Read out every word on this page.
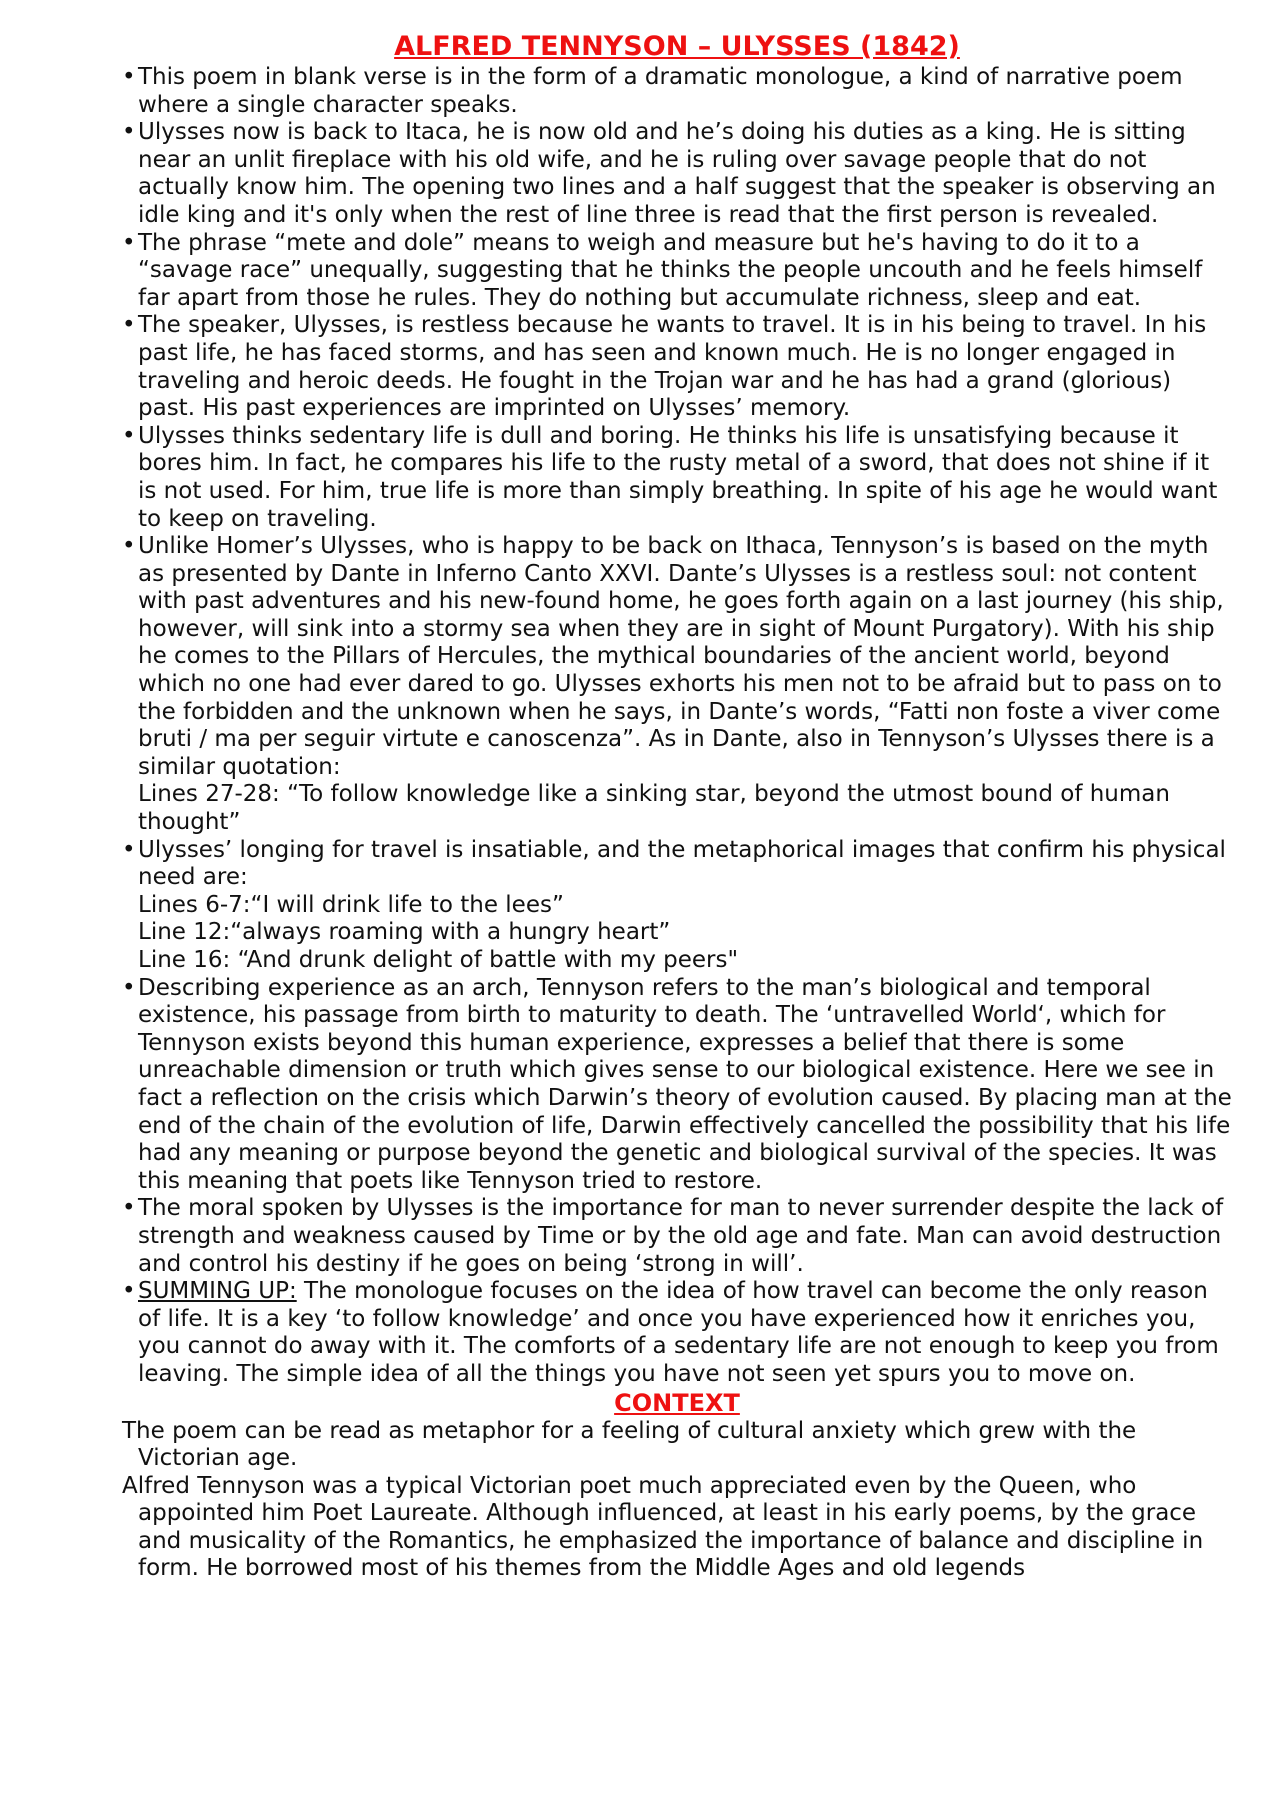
ALFRED TENNYSON – ULYSSES (1842)
• This poem in blank verse is in the form of a dramatic monologue, a kind of narrative poem where a single character speaks.

• Ulysses now is back to Itaca, he is now old and he’s doing his duties as a king. He is sitting near an unlit fireplace with his old wife, and he is ruling over savage people that do not actually know him. The opening two lines and a half suggest that the speaker is observing an idle king and it's only when the rest of line three is read that the first person is revealed.

• The phrase “mete and dole” means to weigh and measure but he's having to do it to a “savage race” unequally, suggesting that he thinks the people uncouth and he feels himself far apart from those he rules. They do nothing but accumulate richness, sleep and eat.

• The speaker, Ulysses, is restless because he wants to travel. It is in his being to travel. In his past life, he has faced storms, and has seen and known much. He is no longer engaged in traveling and heroic deeds. He fought in the Trojan war and he has had a grand (glorious) past. His past experiences are imprinted on Ulysses’ memory.

• Ulysses thinks sedentary life is dull and boring. He thinks his life is unsatisfying because it bores him. In fact, he compares his life to the rusty metal of a sword, that does not shine if it is not used. For him, true life is more than simply breathing. In spite of his age he would want to keep on traveling.

• Unlike Homer’s Ulysses, who is happy to be back on Ithaca, Tennyson’s is based on the myth as presented by Dante in Inferno Canto XXVI. Dante’s Ulysses is a restless soul: not content with past adventures and his new-found home, he goes forth again on a last journey (his ship, however, will sink into a stormy sea when they are in sight of Mount Purgatory). With his ship he comes to the Pillars of Hercules, the mythical boundaries of the ancient world, beyond which no one had ever dared to go. Ulysses exhorts his men not to be afraid but to pass on to the forbidden and the unknown when he says, in Dante’s words, “Fatti non foste a viver come bruti / ma per seguir virtute e canoscenza”. As in Dante, also in Tennyson’s Ulysses there is a similar quotation:

Lines 27-28: “To follow knowledge like a sinking star, beyond the utmost bound of human thought”

• Ulysses’ longing for travel is insatiable, and the metaphorical images that confirm his physical need are:

Lines 6-7:“I will drink life to the lees”

Line 12:“always roaming with a hungry heart”

Line 16: “And drunk delight of battle with my peers"

• Describing experience as an arch, Tennyson refers to the man’s biological and temporal existence, his passage from birth to maturity to death. The ‘untravelled World‘, which for Tennyson exists beyond this human experience, expresses a belief that there is some unreachable dimension or truth which gives sense to our biological existence. Here we see in fact a reflection on the crisis which Darwin’s theory of evolution caused. By placing man at the end of the chain of the evolution of life, Darwin effectively cancelled the possibility that his life had any meaning or purpose beyond the genetic and biological survival of the species. It was this meaning that poets like Tennyson tried to restore.

• The moral spoken by Ulysses is the importance for man to never surrender despite the lack of strength and weakness caused by Time or by the old age and fate. Man can avoid destruction and control his destiny if he goes on being ‘strong in will’.

• SUMMING UP: The monologue focuses on the idea of how travel can become the only reason of life. It is a key ‘to follow knowledge’ and once you have experienced how it enriches you, you cannot do away with it. The comforts of a sedentary life are not enough to keep you from leaving. The simple idea of all the things you have not seen yet spurs you to move on.

CONTEXT

The poem can be read as metaphor for a feeling of cultural anxiety which grew with the Victorian age.

Alfred Tennyson was a typical Victorian poet much appreciated even by the Queen, who appointed him Poet Laureate. Although influenced, at least in his early poems, by the grace and musicality of the Romantics, he emphasized the importance of balance and discipline in form. He borrowed most of his themes from the Middle Ages and old legends
